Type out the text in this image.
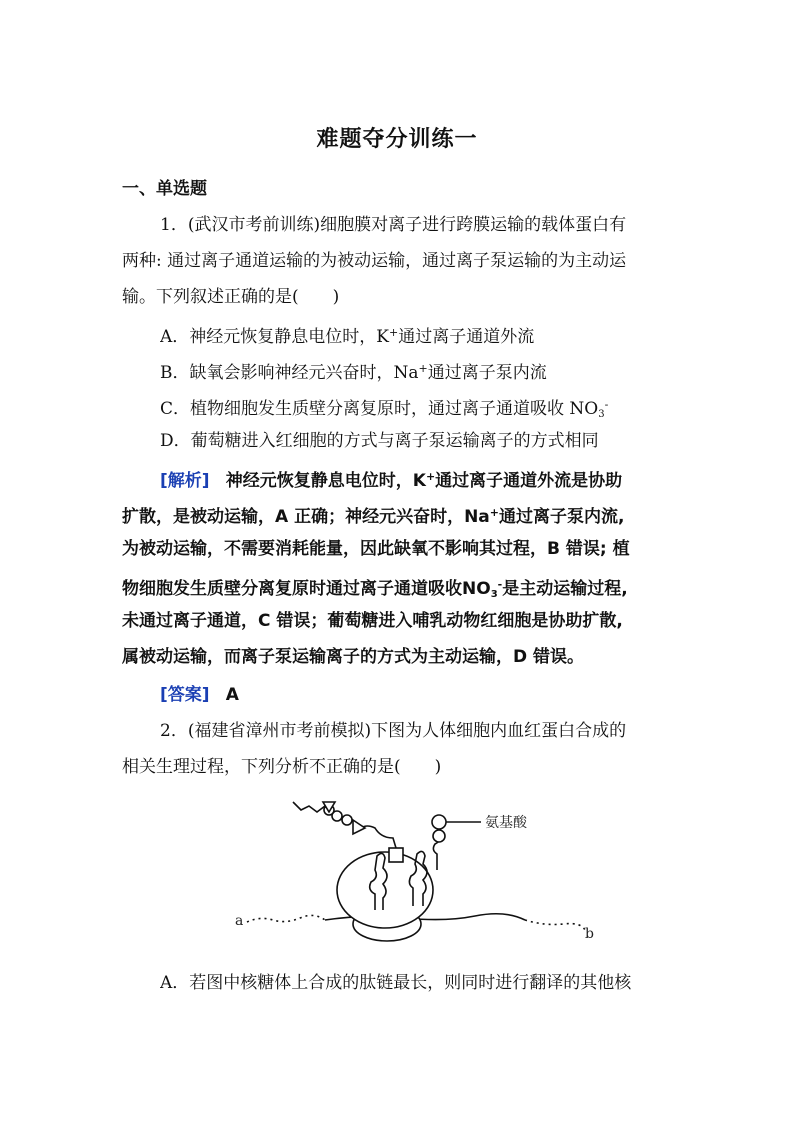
难题夺分训练一
一、单选题
1．(武汉市考前训练)细胞膜对离子进行跨膜运输的载体蛋白有
两种: 通过离子通道运输的为被动运输，通过离子泵运输的为主动运
输。下列叙述正确的是(　　)
A．神经元恢复静息电位时，K+通过离子通道外流
B．缺氧会影响神经元兴奋时，Na+通过离子泵内流
C．植物细胞发生质壁分离复原时，通过离子通道吸收 $NO_3^-$
D．葡萄糖进入红细胞的方式与离子泵运输离子的方式相同
[解析] 神经元恢复静息电位时，K+通过离子通道外流是协助
扩散，是被动运输，A 正确；神经元兴奋时，Na+通过离子泵内流,
为被动运输，不需要消耗能量，因此缺氧不影响其过程，B 错误; 植
物细胞发生质壁分离复原时通过离子通道吸收$NO_3^-$是主动运输过程,
未通过离子通道，C 错误；葡萄糖进入哺乳动物红细胞是协助扩散,
属被动运输，而离子泵运输离子的方式为主动运输，D 错误。
[答案] A
2．(福建省漳州市考前模拟)下图为人体细胞内血红蛋白合成的
相关生理过程，下列分析不正确的是(　　)
氨基酸
a
b
A．若图中核糖体上合成的肽链最长，则同时进行翻译的其他核
